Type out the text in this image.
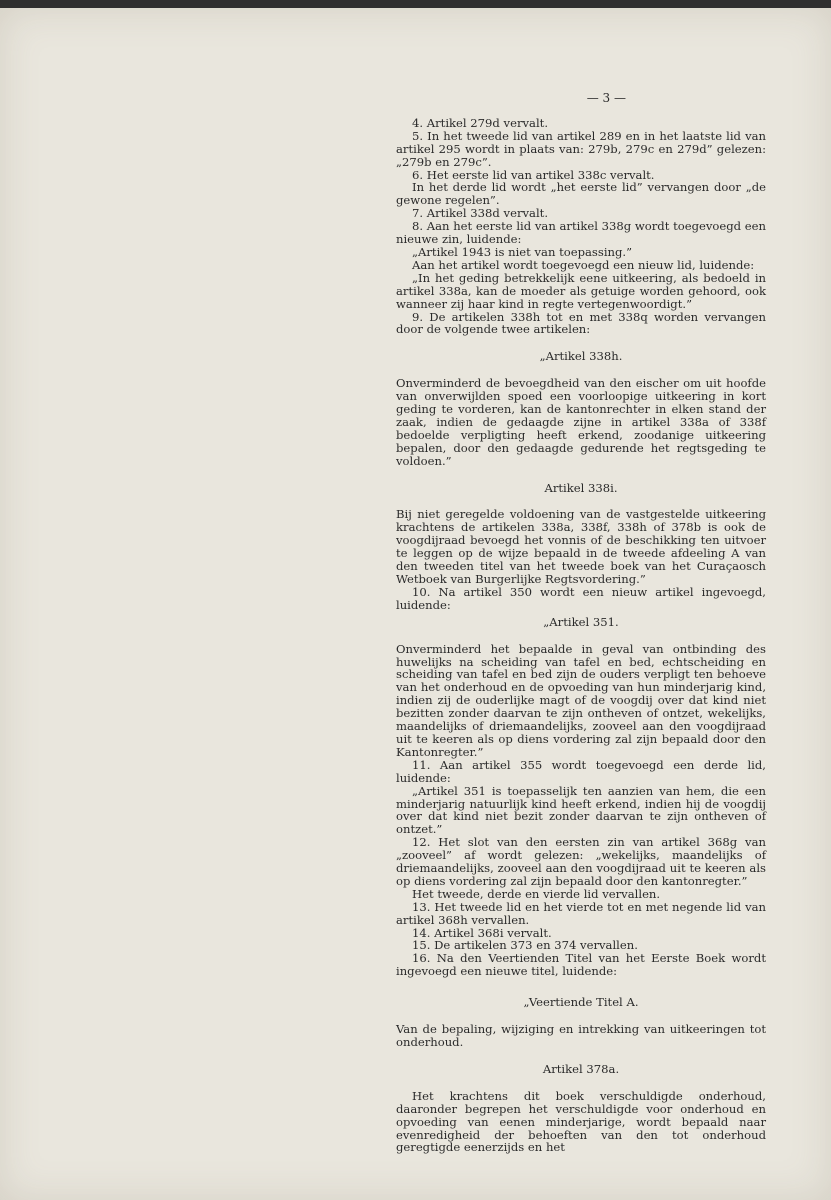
— 3 —

4. Artikel 279d vervalt.

5. In het tweede lid van artikel 289 en in het laatste lid van artikel 295 wordt in plaats van: 279b, 279c en 279d” gelezen: „279b en 279c”.

6. Het eerste lid van artikel 338c vervalt.

In het derde lid wordt „het eerste lid” vervangen door „de gewone regelen”.

7. Artikel 338d vervalt.

8. Aan het eerste lid van artikel 338g wordt toegevoegd een nieuwe zin, luidende:

„Artikel 1943 is niet van toepassing.”

Aan het artikel wordt toegevoegd een nieuw lid, luidende:

„In het geding betrekkelijk eene uitkeering, als bedoeld in artikel 338a, kan de moeder als getuige worden gehoord, ook wanneer zij haar kind in regte vertegenwoordigt.”

9. De artikelen 338h tot en met 338q worden vervangen door de volgende twee artikelen:

„Artikel 338h.

Onverminderd de bevoegdheid van den eischer om uit hoofde van onverwijlden spoed een voorloopige uitkeering in kort geding te vorderen, kan de kantonrechter in elken stand der zaak, indien de gedaagde zijne in artikel 338a of 338f bedoelde verpligting heeft erkend, zoodanige uitkeering bepalen, door den gedaagde gedurende het regtsgeding te voldoen.”

Artikel 338i.

Bij niet geregelde voldoening van de vastgestelde uitkeering krachtens de artikelen 338a, 338f, 338h of 378b is ook de voogdijraad bevoegd het vonnis of de beschikking ten uitvoer te leggen op de wijze bepaald in de tweede afdeeling A van den tweeden titel van het tweede boek van het Curaçaosch Wetboek van Burgerlijke Regtsvordering.”

10. Na artikel 350 wordt een nieuw artikel ingevoegd, luidende:

„Artikel 351.

Onverminderd het bepaalde in geval van ontbinding des huwelijks na scheiding van tafel en bed, echtscheiding en scheiding van tafel en bed zijn de ouders verpligt ten behoeve van het onderhoud en de opvoeding van hun minderjarig kind, indien zij de ouderlijke magt of de voogdij over dat kind niet bezitten zonder daarvan te zijn ontheven of ontzet, wekelijks, maandelijks of driemaandelijks, zooveel aan den voogdijraad uit te keeren als op diens vordering zal zijn bepaald door den Kantonregter.”

11. Aan artikel 355 wordt toegevoegd een derde lid, luidende:

„Artikel 351 is toepasselijk ten aanzien van hem, die een minderjarig natuurlijk kind heeft erkend, indien hij de voogdij over dat kind niet bezit zonder daarvan te zijn ontheven of ontzet.”

12. Het slot van den eersten zin van artikel 368g van „zooveel” af wordt gelezen: „wekelijks, maandelijks of driemaandelijks, zooveel aan den voogdijraad uit te keeren als op diens vordering zal zijn bepaald door den kantonregter.”

Het tweede, derde en vierde lid vervallen.

13. Het tweede lid en het vierde tot en met negende lid van artikel 368h vervallen.

14. Artikel 368i vervalt.

15. De artikelen 373 en 374 vervallen.

16. Na den Veertienden Titel van het Eerste Boek wordt ingevoegd een nieuwe titel, luidende:

„Veertiende Titel A.

Van de bepaling, wijziging en intrekking van uitkeeringen tot onderhoud.

Artikel 378a.

Het krachtens dit boek verschuldigde onderhoud, daaronder begrepen het verschuldigde voor onderhoud en opvoeding van eenen minderjarige, wordt bepaald naar evenredigheid der behoeften van den tot onderhoud geregtigde eenerzijds en het
